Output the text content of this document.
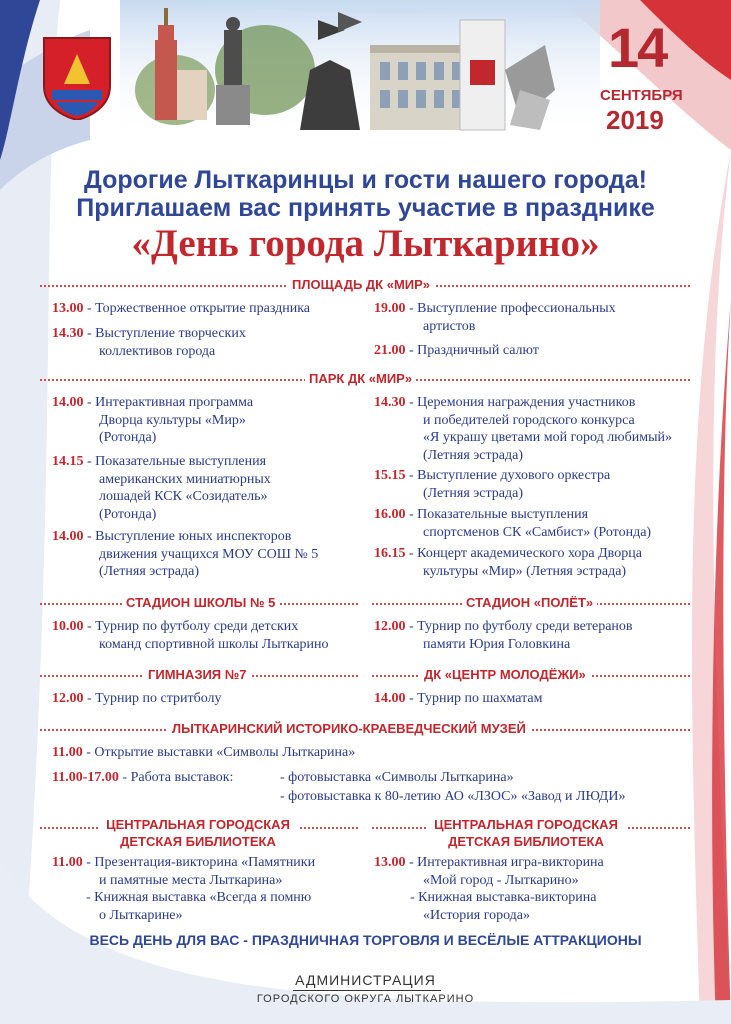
14
СЕНТЯБРЯ
2019
Дорогие Лыткаринцы и гости нашего города!
Приглашаем вас принять участие в празднике
«День города Лыткарино»
ПЛОЩАДЬ ДК «МИР»
13.00 - Торжественное открытие праздника
14.30 - Выступление творческих
коллективов города
19.00 - Выступление профессиональных
артистов
21.00 - Праздничный салют
ПАРК ДК «МИР»
14.00 - Интерактивная программа
Дворца культуры «Мир»
(Ротонда)
14.15 - Показательные выступления
американских миниатюрных
лошадей КСК «Созидатель»
(Ротонда)
14.00 - Выступление юных инспекторов
движения учащихся МОУ СОШ № 5
(Летняя эстрада)
14.30 - Церемония награждения участников
и победителей городского конкурса
«Я украшу цветами мой город любимый»
(Летняя эстрада)
15.15 - Выступление духового оркестра
(Летняя эстрада)
16.00 - Показательные выступления
спортсменов СК «Самбист» (Ротонда)
16.15 - Концерт академического хора Дворца
культуры «Мир» (Летняя эстрада)
СТАДИОН ШКОЛЫ № 5	СТАДИОН «ПОЛЁТ»
10.00 - Турнир по футболу среди детских
команд спортивной школы Лыткарино
12.00 - Турнир по футболу среди ветеранов
памяти Юрия Головкина
ГИМНАЗИЯ №7	ДК «ЦЕНТР МОЛОДЁЖИ»
12.00 - Турнир по стритболу	14.00 - Турнир по шахматам
ЛЫТКАРИНСКИЙ ИСТОРИКО-КРАЕВЕДЧЕСКИЙ МУЗЕЙ
11.00 - Открытие выставки «Символы Лыткарина»
11.00-17.00 - Работа выставок:	- фотовыставка «Символы Лыткарина»
- фотовыставка к 80-летию АО «ЛЗОС» «Завод и ЛЮДИ»
ЦЕНТРАЛЬНАЯ ГОРОДСКАЯ
ДЕТСКАЯ БИБЛИОТЕКА
ЦЕНТРАЛЬНАЯ ГОРОДСКАЯ
ДЕТСКАЯ БИБЛИОТЕКА
11.00 - Презентация-викторина «Памятники
и памятные места Лыткарина»
- Книжная выставка «Всегда я помню
о Лыткарине»
13.00 - Интерактивная игра-викторина
«Мой город - Лыткарино»
- Книжная выставка-викторина
«История города»
ВЕСЬ ДЕНЬ ДЛЯ ВАС - ПРАЗДНИЧНАЯ ТОРГОВЛЯ И ВЕСЁЛЫЕ АТТРАКЦИОНЫ
АДМИНИСТРАЦИЯ
ГОРОДСКОГО ОКРУГА ЛЫТКАРИНО
